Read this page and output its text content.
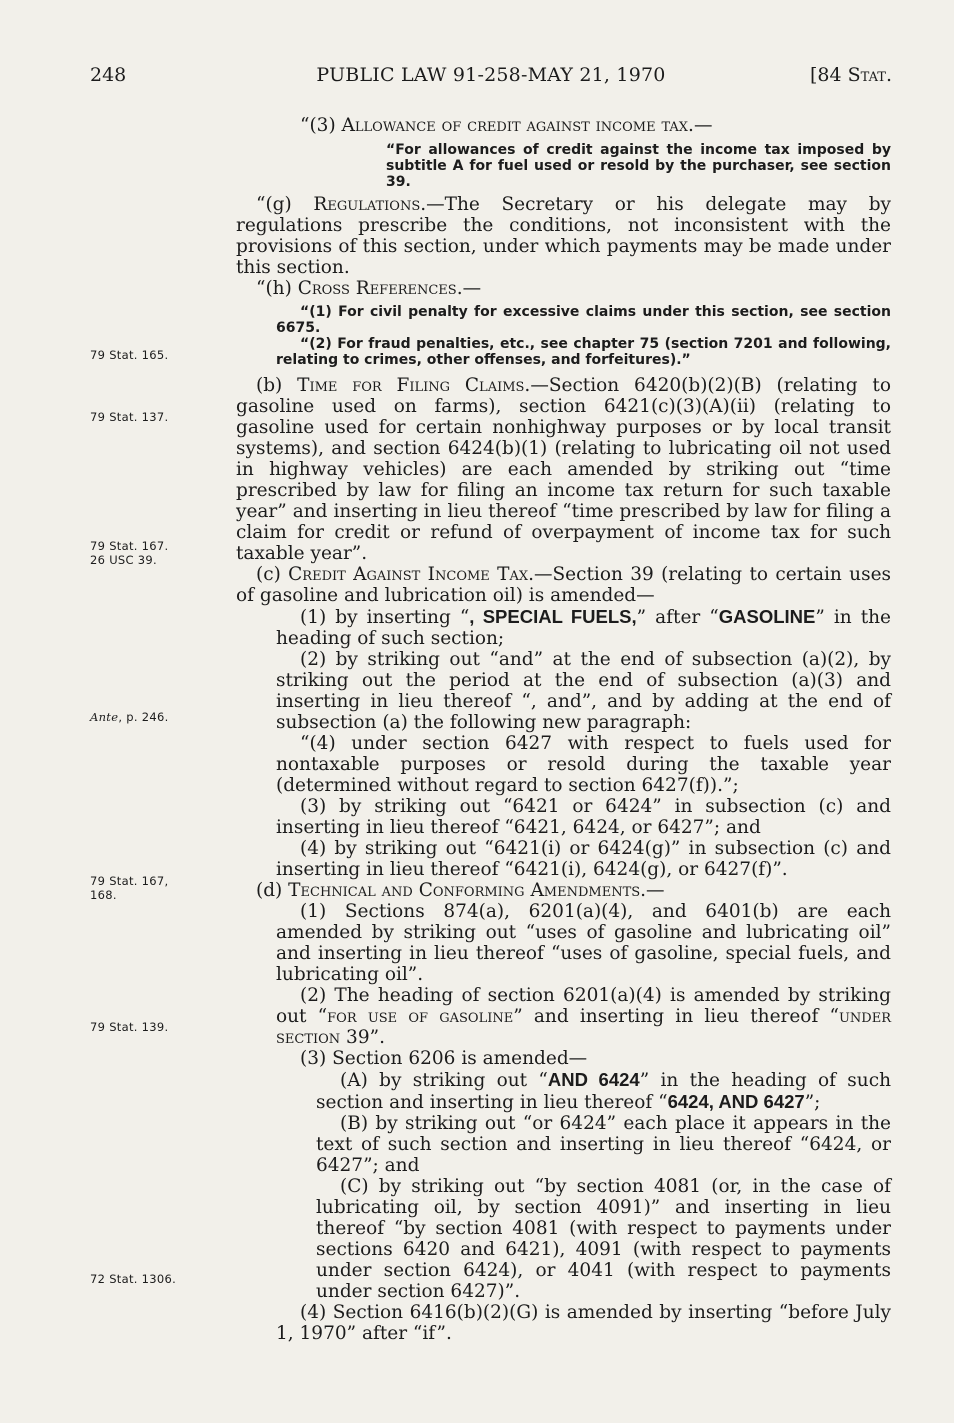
248	PUBLIC LAW 91-258-MAY 21, 1970	[84 Stat.
79 Stat. 165.
79 Stat. 137.
79 Stat. 167.
26 USC 39.
Ante, p. 246.
79 Stat. 167,
168.
79 Stat. 139.
72 Stat. 1306.

“(3) Allowance of credit against income tax.—

“For allowances of credit against the income tax imposed by subtitle A for fuel used or resold by the purchaser, see section 39.

“(g) Regulations.—The Secretary or his delegate may by regulations prescribe the conditions, not inconsistent with the provisions of this section, under which payments may be made under this section.

“(h) Cross References.—

“(1) For civil penalty for excessive claims under this section, see section 6675.

“(2) For fraud penalties, etc., see chapter 75 (section 7201 and following, relating to crimes, other offenses, and forfeitures).”

(b) Time for Filing Claims.—Section 6420(b)(2)(B) (relating to gasoline used on farms), section 6421(c)(3)(A)(ii) (relating to gasoline used for certain nonhighway purposes or by local transit systems), and section 6424(b)(1) (relating to lubricating oil not used in highway vehicles) are each amended by striking out “time prescribed by law for filing an income tax return for such taxable year” and inserting in lieu thereof “time prescribed by law for filing a claim for credit or refund of overpayment of income tax for such taxable year”.

(c) Credit Against Income Tax.—Section 39 (relating to certain uses of gasoline and lubrication oil) is amended—

(1) by inserting “, SPECIAL FUELS,” after “GASOLINE” in the heading of such section;

(2) by striking out “and” at the end of subsection (a)(2), by striking out the period at the end of subsection (a)(3) and inserting in lieu thereof “, and”, and by adding at the end of subsection (a) the following new paragraph:

“(4) under section 6427 with respect to fuels used for nontaxable purposes or resold during the taxable year (determined without regard to section 6427(f)).”;

(3) by striking out “6421 or 6424” in subsection (c) and inserting in lieu thereof “6421, 6424, or 6427”; and

(4) by striking out “6421(i) or 6424(g)” in subsection (c) and inserting in lieu thereof “6421(i), 6424(g), or 6427(f)”.

(d) Technical and Conforming Amendments.—

(1) Sections 874(a), 6201(a)(4), and 6401(b) are each amended by striking out “uses of gasoline and lubricating oil” and inserting in lieu thereof “uses of gasoline, special fuels, and lubricating oil”.

(2) The heading of section 6201(a)(4) is amended by striking out “for use of gasoline” and inserting in lieu thereof “under section 39”.

(3) Section 6206 is amended—

(A) by striking out “AND 6424” in the heading of such section and inserting in lieu thereof “6424, AND 6427”;

(B) by striking out “or 6424” each place it appears in the text of such section and inserting in lieu thereof “6424, or 6427”; and

(C) by striking out “by section 4081 (or, in the case of lubricating oil, by section 4091)” and inserting in lieu thereof “by section 4081 (with respect to payments under sections 6420 and 6421), 4091 (with respect to payments under section 6424), or 4041 (with respect to payments under section 6427)”.

(4) Section 6416(b)(2)(G) is amended by inserting “before July 1, 1970” after “if”.
